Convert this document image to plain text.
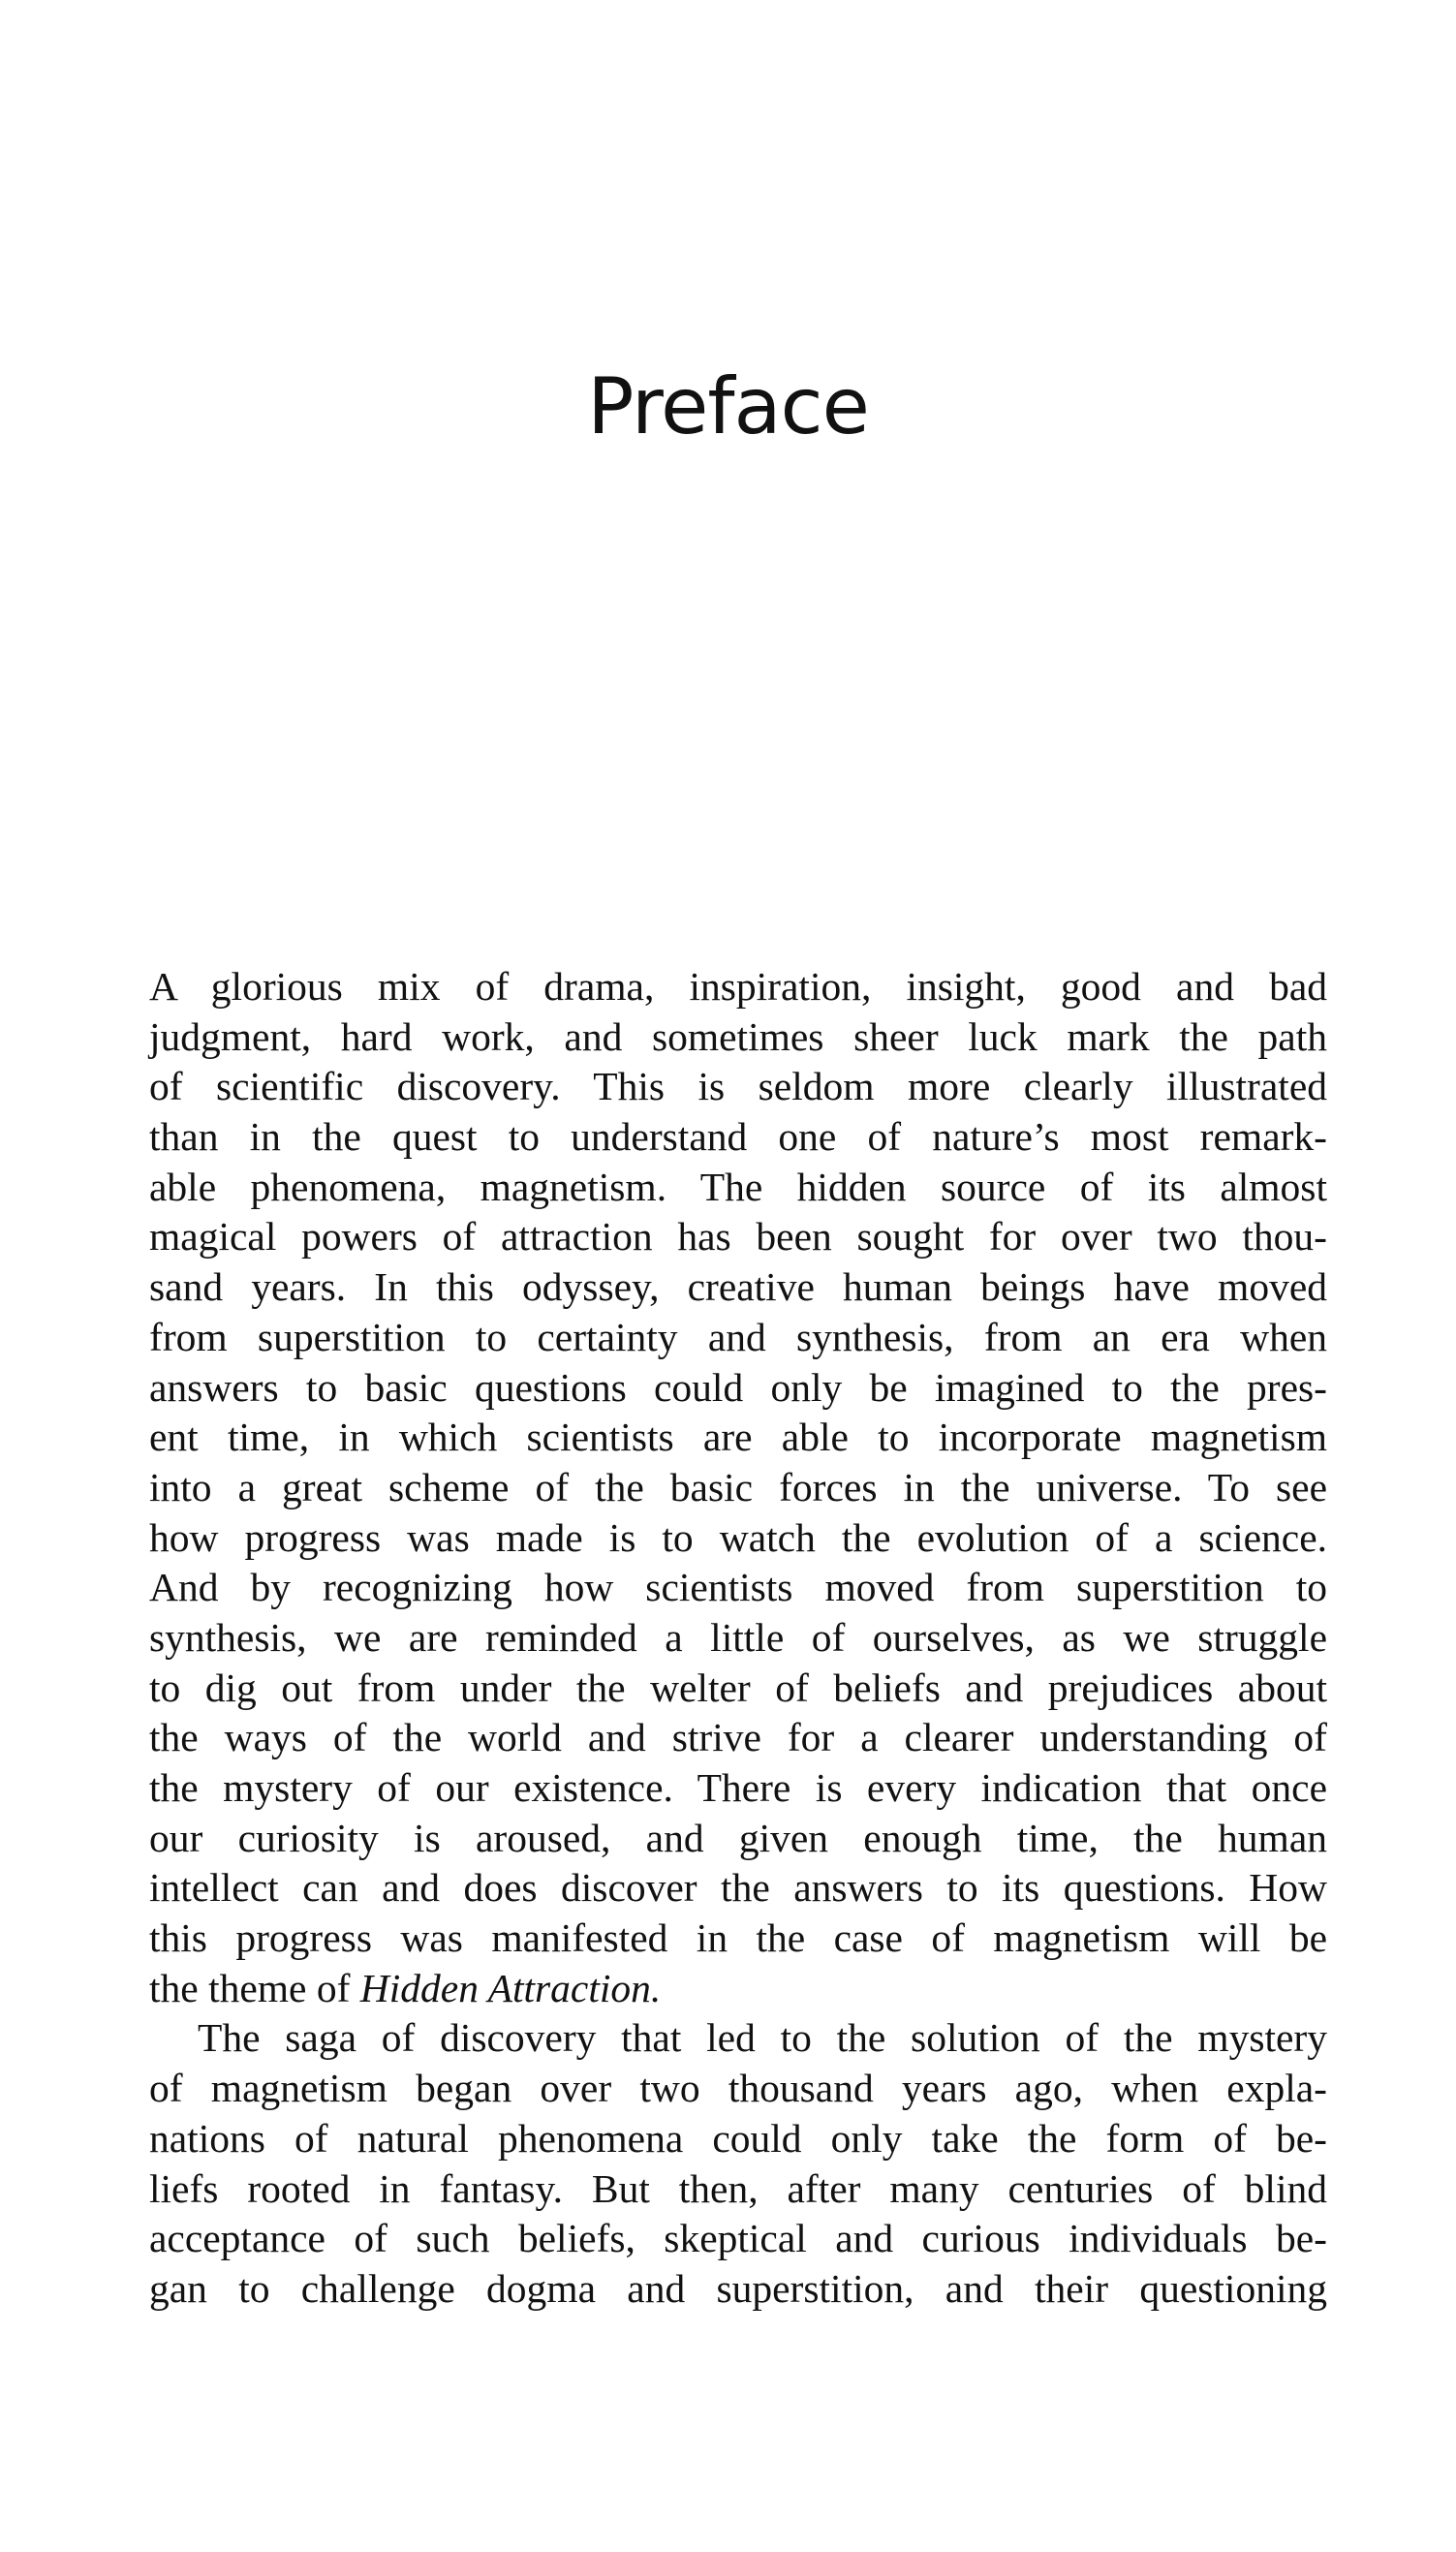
Preface
A glorious mix of drama, inspiration, insight, good and bad
judgment, hard work, and sometimes sheer luck mark the path
of scientific discovery. This is seldom more clearly illustrated
than in the quest to understand one of nature’s most remark-
able phenomena, magnetism. The hidden source of its almost
magical powers of attraction has been sought for over two thou-
sand years. In this odyssey, creative human beings have moved
from superstition to certainty and synthesis, from an era when
answers to basic questions could only be imagined to the pres-
ent time, in which scientists are able to incorporate magnetism
into a great scheme of the basic forces in the universe. To see
how progress was made is to watch the evolution of a science.
And by recognizing how scientists moved from superstition to
synthesis, we are reminded a little of ourselves, as we struggle
to dig out from under the welter of beliefs and prejudices about
the ways of the world and strive for a clearer understanding of
the mystery of our existence. There is every indication that once
our curiosity is aroused, and given enough time, the human
intellect can and does discover the answers to its questions. How
this progress was manifested in the case of magnetism will be
the theme of Hidden Attraction.
The saga of discovery that led to the solution of the mystery
of magnetism began over two thousand years ago, when expla-
nations of natural phenomena could only take the form of be-
liefs rooted in fantasy. But then, after many centuries of blind
acceptance of such beliefs, skeptical and curious individuals be-
gan to challenge dogma and superstition, and their questioning
